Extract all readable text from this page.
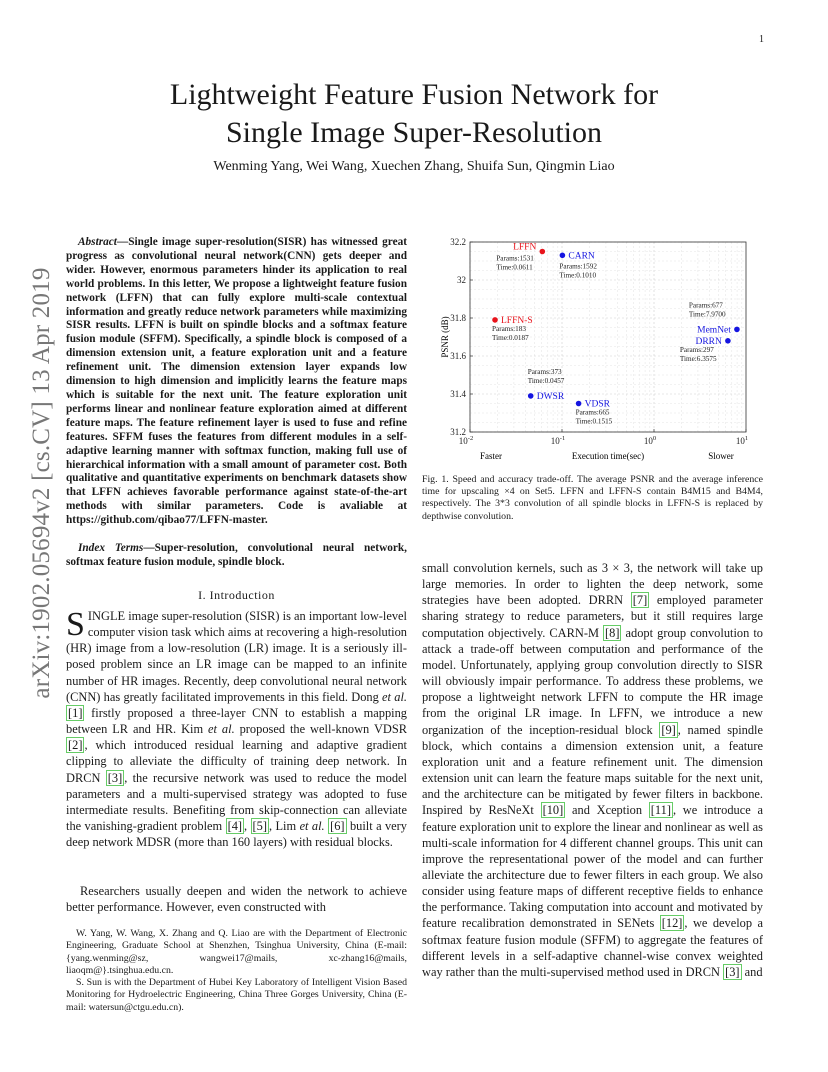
1
arXiv:1902.05694v2 [cs.CV] 13 Apr 2019
Lightweight Feature Fusion Network for
Single Image Super-Resolution
Wenming Yang, Wei Wang, Xuechen Zhang, Shuifa Sun, Qingmin Liao
Abstract—Single image super-resolution(SISR) has witnessed great progress as convolutional neural network(CNN) gets deeper and wider. However, enormous parameters hinder its application to real world problems. In this letter, We propose a lightweight feature fusion network (LFFN) that can fully explore multi-scale contextual information and greatly reduce network parameters while maximizing SISR results. LFFN is built on spindle blocks and a softmax feature fusion module (SFFM). Specifically, a spindle block is composed of a dimension extension unit, a feature exploration unit and a feature refinement unit. The dimension extension layer expands low dimension to high dimension and implicitly learns the feature maps which is suitable for the next unit. The feature exploration unit performs linear and nonlinear feature exploration aimed at different feature maps. The feature refinement layer is used to fuse and refine features. SFFM fuses the features from different modules in a self-adaptive learning manner with softmax function, making full use of hierarchical information with a small amount of parameter cost. Both qualitative and quantitative experiments on benchmark datasets show that LFFN achieves favorable performance against state-of-the-art methods with similar parameters. Code is avaliable at https://github.com/qibao77/LFFN-master.
Index Terms—Super-resolution, convolutional neural network, softmax feature fusion module, spindle block.
I. Introduction
SINGLE image super-resolution (SISR) is an important low-level computer vision task which aims at recovering a high-resolution (HR) image from a low-resolution (LR) image. It is a seriously ill-posed problem since an LR image can be mapped to an infinite number of HR images. Recently, deep convolutional neural network (CNN) has greatly facilitated improvements in this field. Dong et al. [1] firstly proposed a three-layer CNN to establish a mapping between LR and HR. Kim et al. proposed the well-known VDSR [2] , which introduced residual learning and adaptive gradient clipping to alleviate the difficulty of training deep network. In DRCN [3] , the recursive network was used to reduce the model parameters and a multi-supervised strategy was adopted to fuse intermediate results. Benefiting from skip-connection can alleviate the vanishing-gradient problem [4] , [5] , Lim et al. [6] built a very deep network MDSR (more than 160 layers) with residual blocks.
Researchers usually deepen and widen the network to achieve better performance. However, even constructed with

W. Yang, W. Wang, X. Zhang and Q. Liao are with the Department of Electronic Engineering, Graduate School at Shenzhen, Tsinghua University, China (E-mail: {yang.wenming@sz, wangwei17@mails, xc-zhang16@mails, liaoqm@}.tsinghua.edu.cn.

S. Sun is with the Department of Hubei Key Laboratory of Intelligent Vision Based Monitoring for Hydroelectric Engineering, China Three Gorges University, China (E-mail: watersun@ctgu.edu.cn).

31.2
31.4
31.6
31.8
32
32.2
$10^{-2}$	$10^{-1}$	$10^0$	$10^1$
LFFN
Params:1531
Time:0.0611
CARN
Params:1592
Time:0.1010
LFFN-S
Params:183
Time:0.0187
MemNet
Params:677
Time:7.9700
DRRN
Params:297
Time:6.3575
DWSR
Params:373
Time:0.0457
VDSR
Params:665
Time:0.1515
PSNR (dB)
Execution time(sec)
Faster	Slower
Fig. 1. Speed and accuracy trade-off. The average PSNR and the average inference time for upscaling ×4 on Set5. LFFN and LFFN-S contain B4M15 and B4M4, respectively. The 3*3 convolution of all spindle blocks in LFFN-S is replaced by depthwise convolution.
small convolution kernels, such as 3 × 3, the network will take up large memories. In order to lighten the deep network, some strategies have been adopted. DRRN [7] employed parameter sharing strategy to reduce parameters, but it still requires large computation objectively. CARN-M [8] adopt group convolution to attack a trade-off between computation and performance of the model. Unfortunately, applying group convolution directly to SISR will obviously impair performance. To address these problems, we propose a lightweight network LFFN to compute the HR image from the original LR image. In LFFN, we introduce a new organization of the inception-residual block [9] , named spindle block, which contains a dimension extension unit, a feature exploration unit and a feature refinement unit. The dimension extension unit can learn the feature maps suitable for the next unit, and the architecture can be mitigated by fewer filters in backbone. Inspired by ResNeXt [10] and Xception [11] , we introduce a feature exploration unit to explore the linear and nonlinear as well as multi-scale information for 4 different channel groups. This unit can improve the representational power of the model and can further alleviate the architecture due to fewer filters in each group. We also consider using feature maps of different receptive fields to enhance the performance. Taking computation into account and motivated by feature recalibration demonstrated in SENets [12] , we develop a softmax feature fusion module (SFFM) to aggregate the features of different levels in a self-adaptive channel-wise convex weighted way rather than the multi-supervised method used in DRCN [3] and
